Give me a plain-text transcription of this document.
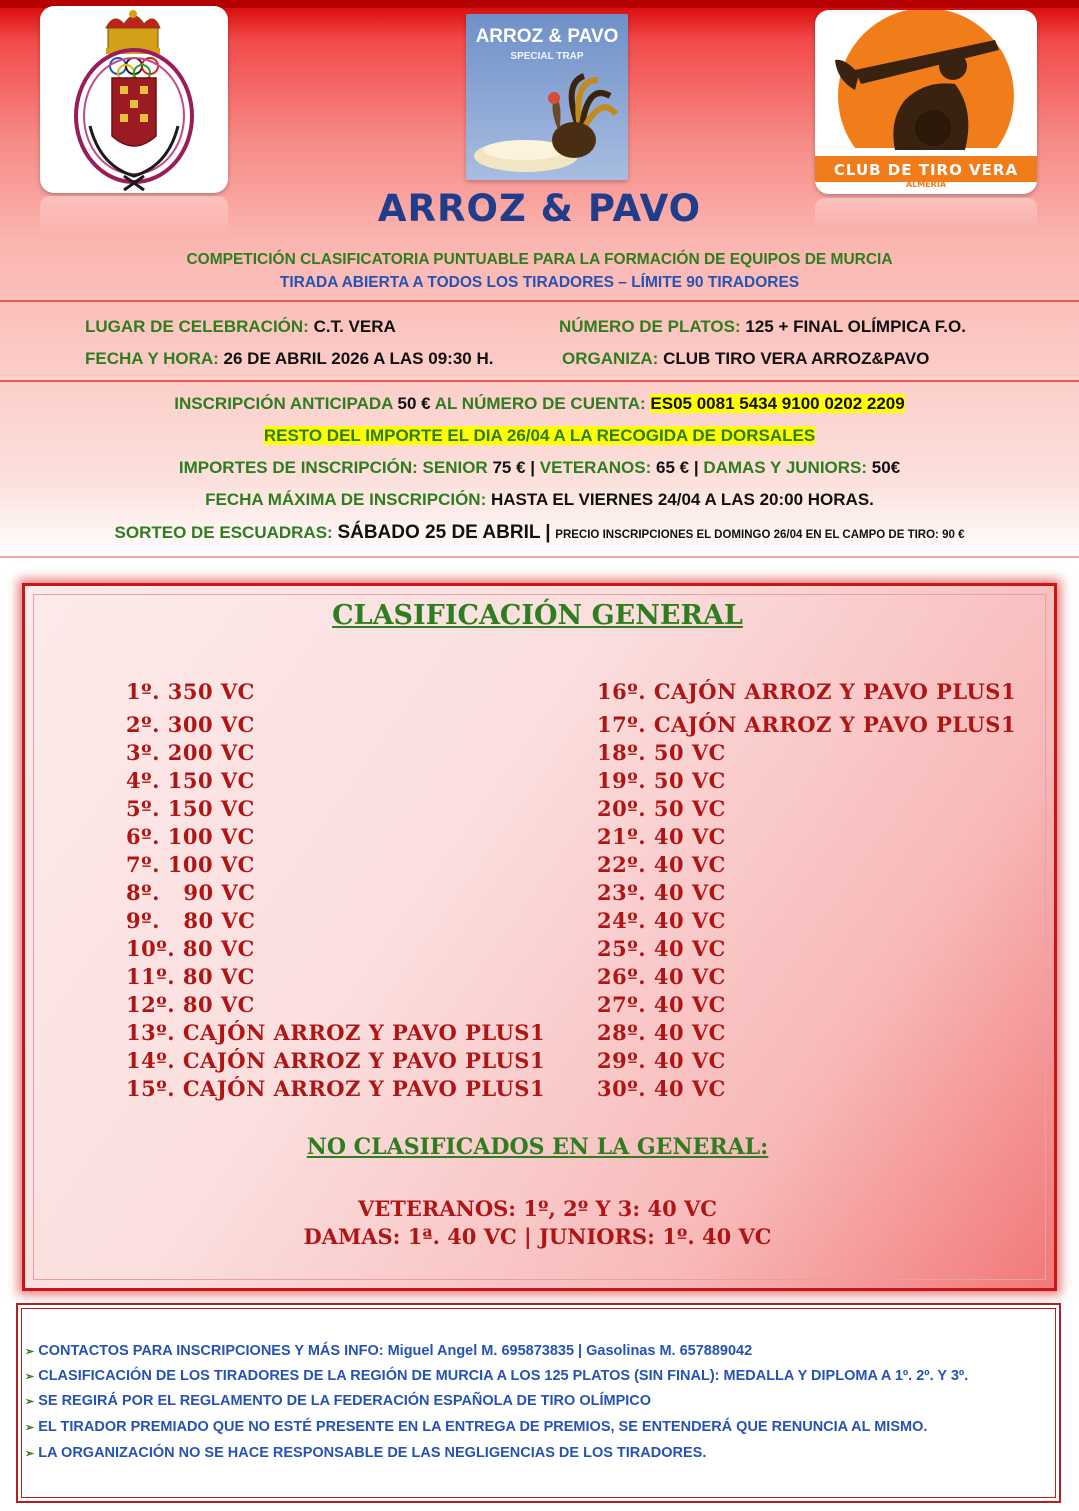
ARROZ & PAVO
SPECIAL TRAP
CLUB DE TIRO VERA
ALMERÍA
ARROZ & PAVO
COMPETICIÓN CLASIFICATORIA PUNTUABLE PARA LA FORMACIÓN DE EQUIPOS DE MURCIA
TIRADA ABIERTA A TODOS LOS TIRADORES – LÍMITE 90 TIRADORES
LUGAR DE CELEBRACIÓN: C.T. VERA	NÚMERO DE PLATOS: 125 + FINAL OLÍMPICA F.O.
FECHA Y HORA: 26 DE ABRIL 2026 A LAS 09:30 H.	ORGANIZA: CLUB TIRO VERA ARROZ&PAVO
INSCRIPCIÓN ANTICIPADA 50 € AL NÚMERO DE CUENTA: ES05 0081 5434 9100 0202 2209
RESTO DEL IMPORTE EL DIA 26/04 A LA RECOGIDA DE DORSALES
IMPORTES DE INSCRIPCIÓN: SENIOR 75 € | VETERANOS: 65 € | DAMAS Y JUNIORS: 50€
FECHA MÁXIMA DE INSCRIPCIÓN: HASTA EL VIERNES 24/04 A LAS 20:00 HORAS.
SORTEO DE ESCUADRAS: SÁBADO 25 DE ABRIL | PRECIO INSCRIPCIONES EL DOMINGO 26/04 EN EL CAMPO DE TIRO: 90 €
CLASIFICACIÓN GENERAL
1º. 350 VC
2º. 300 VC
3º. 200 VC
4º. 150 VC
5º. 150 VC
6º. 100 VC
7º. 100 VC
8º.   90 VC
9º.   80 VC
10º. 80 VC
11º. 80 VC
12º. 80 VC
13º. CAJÓN ARROZ Y PAVO PLUS1
14º. CAJÓN ARROZ Y PAVO PLUS1
15º. CAJÓN ARROZ Y PAVO PLUS1
16º. CAJÓN ARROZ Y PAVO PLUS1
17º. CAJÓN ARROZ Y PAVO PLUS1
18º. 50 VC
19º. 50 VC
20º. 50 VC
21º. 40 VC
22º. 40 VC
23º. 40 VC
24º. 40 VC
25º. 40 VC
26º. 40 VC
27º. 40 VC
28º. 40 VC
29º. 40 VC
30º. 40 VC
NO CLASIFICADOS EN LA GENERAL:
VETERANOS: 1º, 2º Y 3: 40 VC
DAMAS: 1ª. 40 VC | JUNIORS: 1º. 40 VC
➢ CONTACTOS PARA INSCRIPCIONES Y MÁS INFO: Miguel Angel M. 695873835 | Gasolinas M. 657889042
➢ CLASIFICACIÓN DE LOS TIRADORES DE LA REGIÓN DE MURCIA A LOS 125 PLATOS (SIN FINAL): MEDALLA Y DIPLOMA A 1º. 2º. Y 3º.
➢ SE REGIRÁ POR EL REGLAMENTO DE LA FEDERACIÓN ESPAÑOLA DE TIRO OLÍMPICO
➢ EL TIRADOR PREMIADO QUE NO ESTÉ PRESENTE EN LA ENTREGA DE PREMIOS, SE ENTENDERÁ QUE RENUNCIA AL MISMO.
➢ LA ORGANIZACIÓN NO SE HACE RESPONSABLE DE LAS NEGLIGENCIAS DE LOS TIRADORES.
